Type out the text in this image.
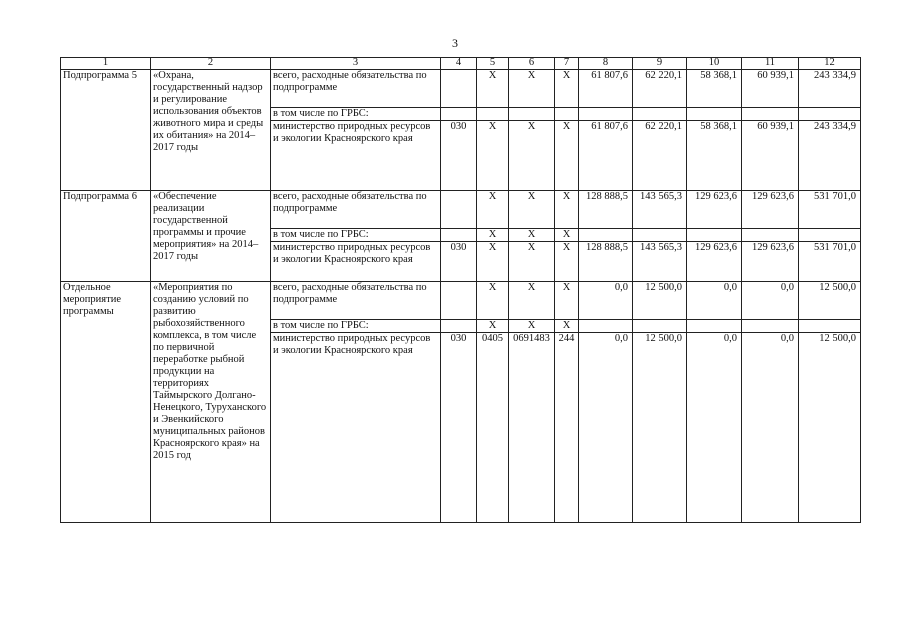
3
1	2	3	4	5	6	7	8	9	10	11	12
Подпрограмма 5	«Охрана, государственный надзор и регулирование использования объектов животного мира и среды их обитания» на 2014–2017 годы	всего, расходные обязательства по подпрограмме		X	X	X	61 807,6	62 220,1	58 368,1	60 939,1	243 334,9
		в том числе по ГРБС:									
		министерство природных ресурсов и экологии Красноярского края	030	X	X	X	61 807,6	62 220,1	58 368,1	60 939,1	243 334,9
Подпрограмма 6	«Обеспечение реализации государственной программы и прочие мероприятия» на 2014–2017 годы	всего, расходные обязательства по подпрограмме		X	X	X	128 888,5	143 565,3	129 623,6	129 623,6	531 701,0
		в том числе по ГРБС:		X	X	X					
		министерство природных ресурсов и экологии Красноярского края	030	X	X	X	128 888,5	143 565,3	129 623,6	129 623,6	531 701,0
Отдельное мероприятие программы	«Мероприятия по созданию условий по развитию рыбохозяйственного комплекса, в том числе по первичной переработке рыбной продукции на территориях Таймырского Долгано-Ненецкого, Туруханского и Эвенкийского муниципальных районов Красноярского края» на 2015 год	всего, расходные обязательства по подпрограмме		X	X	X	0,0	12 500,0	0,0	0,0	12 500,0
		в том числе по ГРБС:		X	X	X					
		министерство природных ресурсов и экологии Красноярского края	030	0405	0691483	244	0,0	12 500,0	0,0	0,0	12 500,0
